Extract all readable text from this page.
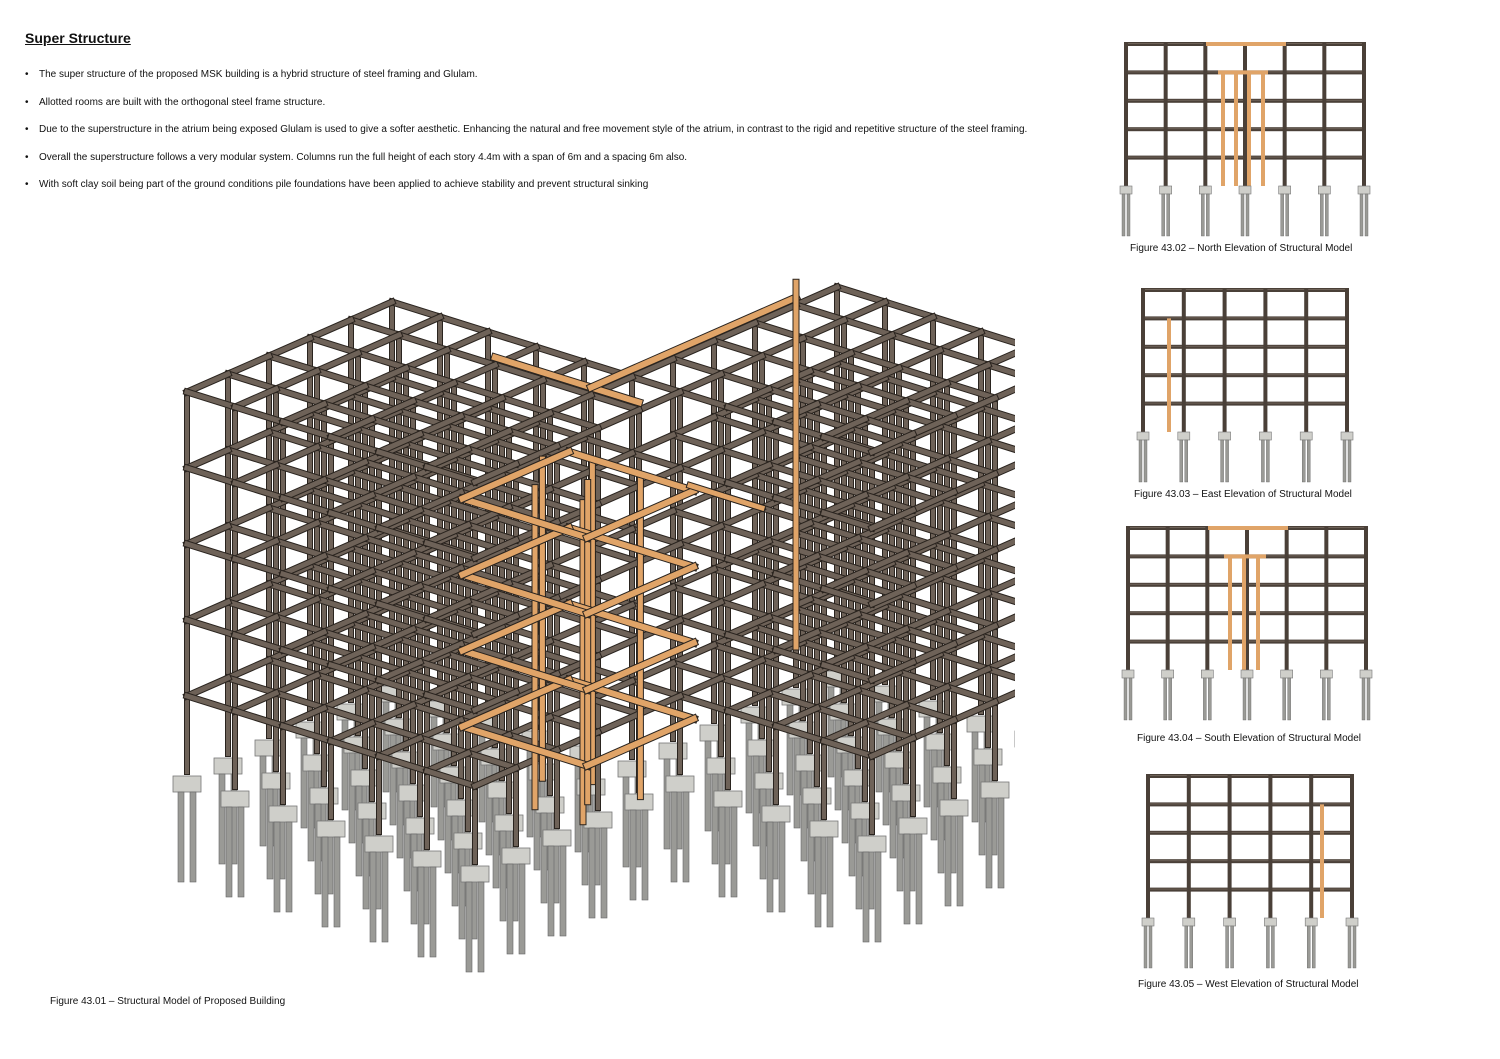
Super Structure
• The super structure of the proposed MSK building is a hybrid structure of steel framing and Glulam.
• Allotted rooms are built with the orthogonal steel frame structure.
• Due to the superstructure in the atrium being exposed Glulam is used to give a softer aesthetic. Enhancing the natural and free movement style of the atrium, in contrast to the rigid and repetitive structure of the steel framing.
• Overall the superstructure follows a very modular system. Columns run the full height of each story 4.4m with a span of 6m and a spacing 6m also.
• With soft clay soil being part of the ground conditions pile foundations have been applied to achieve stability and prevent structural sinking
Figure 43.01 – Structural Model of Proposed Building
Figure 43.02 – North Elevation of Structural Model
Figure 43.03 – East Elevation of Structural Model
Figure 43.04 – South Elevation of Structural Model
Figure 43.05 – West Elevation of Structural Model
